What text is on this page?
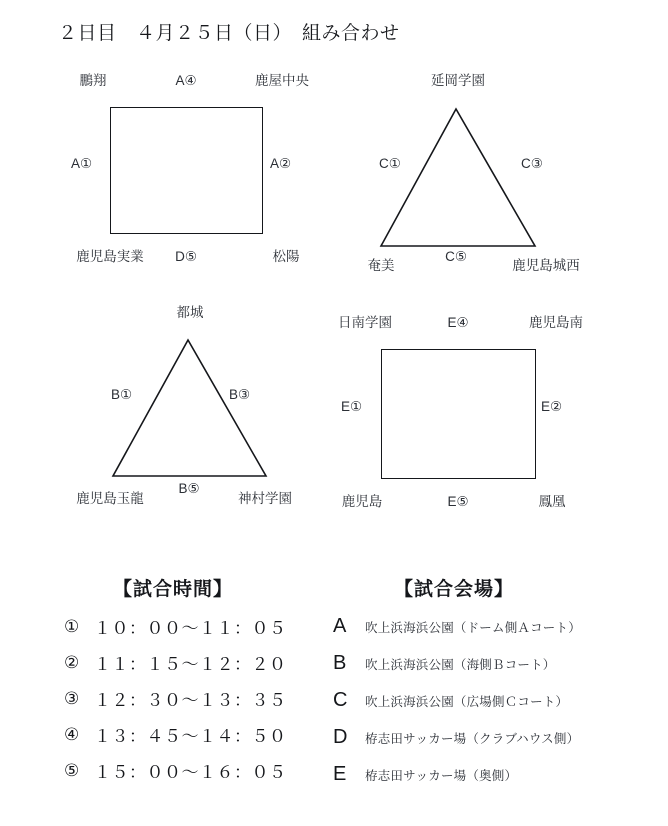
２日目　４月２５日（日）　組み合わせ
鵬翔	A④	鹿屋中央
A①	A②
鹿児島実業 D⑤	松陽
延岡学園
C①	C③
奄美
C⑤
鹿児島城西
都城
B①	B③
鹿児島玉龍
B⑤
神村学園
日南学園	E④	鹿児島南
E①	E②
鹿児島	E⑤	鳳凰
【試合時間】
① １０：００〜１１：０５
② １１：１５〜１２：２０
③ １２：３０〜１３：３５
④ １３：４５〜１４：５０
⑤ １５：００〜１６：０５
【試合会場】
A	吹上浜海浜公園（ドーム側Ａコート）
B	吹上浜海浜公園（海側Ｂコート）
C	吹上浜海浜公園（広場側Ｃコート）
D	栫志田サッカー場（クラブハウス側）
E	栫志田サッカー場（奥側）
